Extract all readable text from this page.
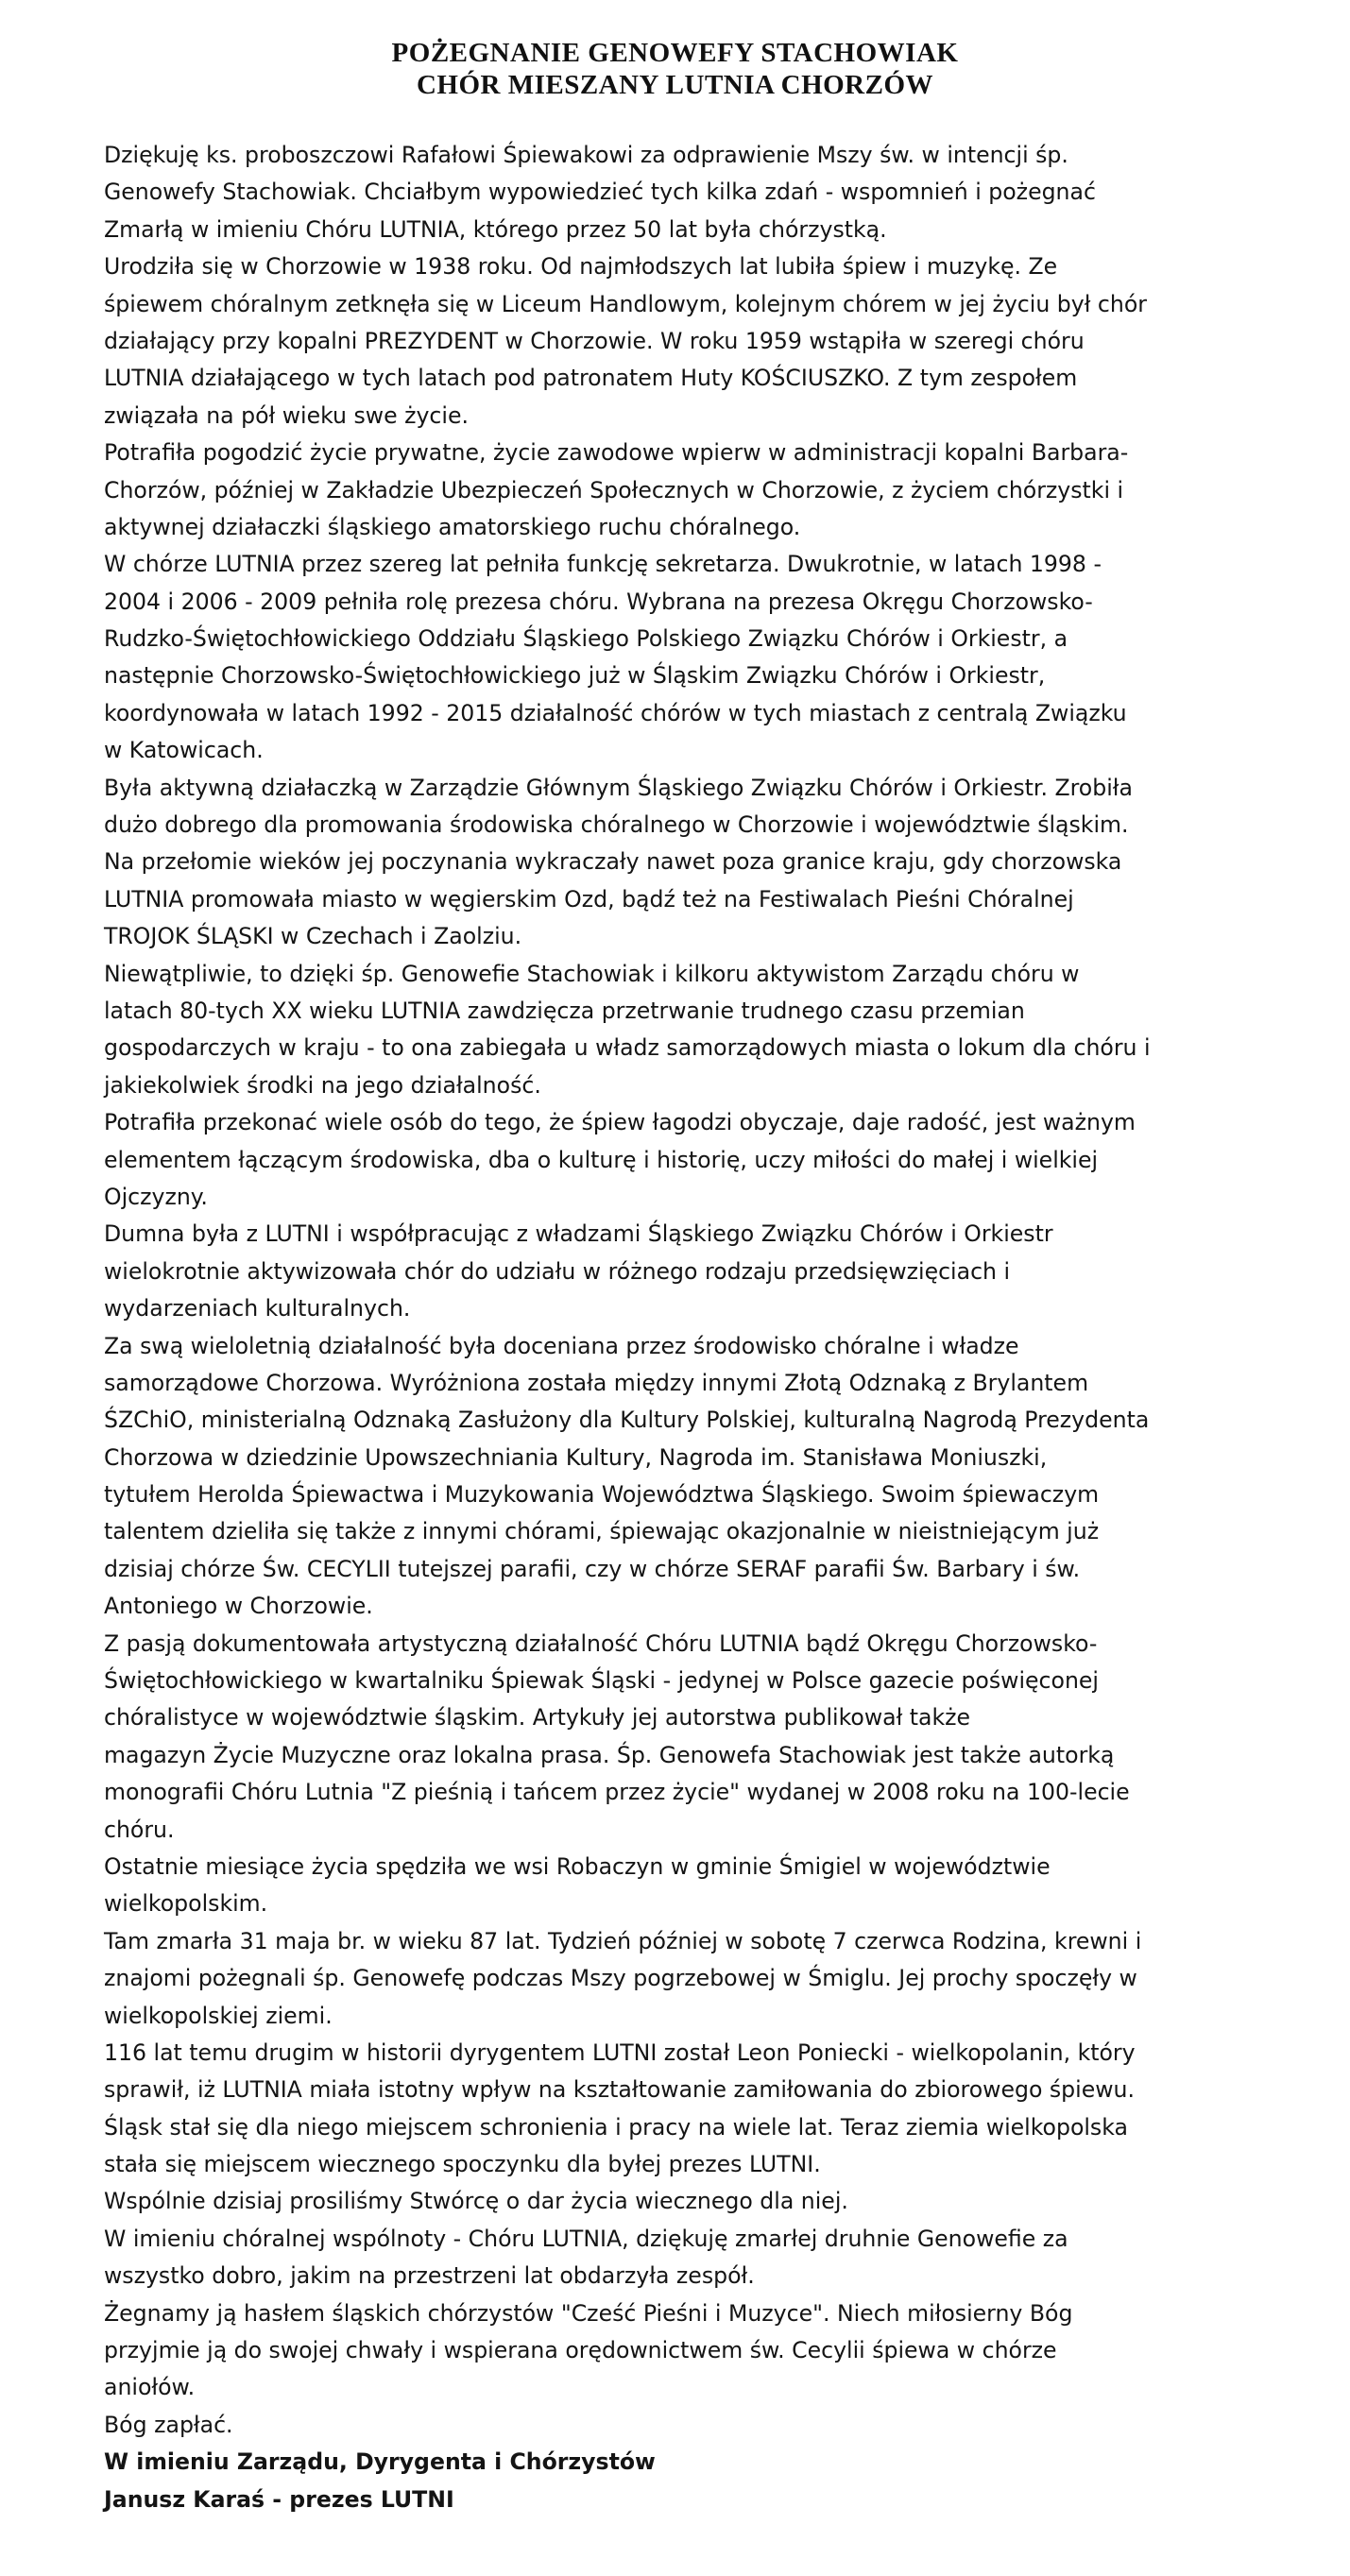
POŻEGNANIE GENOWEFY STACHOWIAK
CHÓR MIESZANY LUTNIA CHORZÓW
Dziękuję ks. proboszczowi Rafałowi Śpiewakowi za odprawienie Mszy św. w intencji śp.
Genowefy Stachowiak. Chciałbym wypowiedzieć tych kilka zdań - wspomnień i pożegnać
Zmarłą w imieniu Chóru LUTNIA, którego przez 50 lat była chórzystką.
Urodziła się w Chorzowie w 1938 roku. Od najmłodszych lat lubiła śpiew i muzykę. Ze
śpiewem chóralnym zetknęła się w Liceum Handlowym, kolejnym chórem w jej życiu był chór
działający przy kopalni PREZYDENT w Chorzowie. W roku 1959 wstąpiła w szeregi chóru
LUTNIA działającego w tych latach pod patronatem Huty KOŚCIUSZKO. Z tym zespołem
związała na pół wieku swe życie.
Potrafiła pogodzić życie prywatne, życie zawodowe wpierw w administracji kopalni Barbara-
Chorzów, później w Zakładzie Ubezpieczeń Społecznych w Chorzowie, z życiem chórzystki i
aktywnej działaczki śląskiego amatorskiego ruchu chóralnego.
W chórze LUTNIA przez szereg lat pełniła funkcję sekretarza. Dwukrotnie, w latach 1998 -
2004 i 2006 - 2009 pełniła rolę prezesa chóru. Wybrana na prezesa Okręgu Chorzowsko-
Rudzko-Świętochłowickiego Oddziału Śląskiego Polskiego Związku Chórów i Orkiestr, a
następnie Chorzowsko-Świętochłowickiego już w Śląskim Związku Chórów i Orkiestr,
koordynowała w latach 1992 - 2015 działalność chórów w tych miastach z centralą Związku
w Katowicach.
Była aktywną działaczką w Zarządzie Głównym Śląskiego Związku Chórów i Orkiestr. Zrobiła
dużo dobrego dla promowania środowiska chóralnego w Chorzowie i województwie śląskim.
Na przełomie wieków jej poczynania wykraczały nawet poza granice kraju, gdy chorzowska
LUTNIA promowała miasto w węgierskim Ozd, bądź też na Festiwalach Pieśni Chóralnej
TROJOK ŚLĄSKI w Czechach i Zaolziu.
Niewątpliwie, to dzięki śp. Genowefie Stachowiak i kilkoru aktywistom Zarządu chóru w
latach 80-tych XX wieku LUTNIA zawdzięcza przetrwanie trudnego czasu przemian
gospodarczych w kraju - to ona zabiegała u władz samorządowych miasta o lokum dla chóru i
jakiekolwiek środki na jego działalność.
Potrafiła przekonać wiele osób do tego, że śpiew łagodzi obyczaje, daje radość, jest ważnym
elementem łączącym środowiska, dba o kulturę i historię, uczy miłości do małej i wielkiej
Ojczyzny.
Dumna była z LUTNI i współpracując z władzami Śląskiego Związku Chórów i Orkiestr
wielokrotnie aktywizowała chór do udziału w różnego rodzaju przedsięwzięciach i
wydarzeniach kulturalnych.
Za swą wieloletnią działalność była doceniana przez środowisko chóralne i władze
samorządowe Chorzowa. Wyróżniona została między innymi Złotą Odznaką z Brylantem
ŚZChiO, ministerialną Odznaką Zasłużony dla Kultury Polskiej, kulturalną Nagrodą Prezydenta
Chorzowa w dziedzinie Upowszechniania Kultury, Nagroda im. Stanisława Moniuszki,
tytułem Herolda Śpiewactwa i Muzykowania Województwa Śląskiego. Swoim śpiewaczym
talentem dzieliła się także z innymi chórami, śpiewając okazjonalnie w nieistniejącym już
dzisiaj chórze Św. CECYLII tutejszej parafii, czy w chórze SERAF parafii Św. Barbary i św.
Antoniego w Chorzowie.
Z pasją dokumentowała artystyczną działalność Chóru LUTNIA bądź Okręgu Chorzowsko-
Świętochłowickiego w kwartalniku Śpiewak Śląski - jedynej w Polsce gazecie poświęconej
chóralistyce w województwie śląskim. Artykuły jej autorstwa publikował także
magazyn Życie Muzyczne oraz lokalna prasa. Śp. Genowefa Stachowiak jest także autorką
monografii Chóru Lutnia "Z pieśnią i tańcem przez życie" wydanej w 2008 roku na 100-lecie
chóru.
Ostatnie miesiące życia spędziła we wsi Robaczyn w gminie Śmigiel w województwie
wielkopolskim.
Tam zmarła 31 maja br. w wieku 87 lat. Tydzień później w sobotę 7 czerwca Rodzina, krewni i
znajomi pożegnali śp. Genowefę podczas Mszy pogrzebowej w Śmiglu. Jej prochy spoczęły w
wielkopolskiej ziemi.
116 lat temu drugim w historii dyrygentem LUTNI został Leon Poniecki - wielkopolanin, który
sprawił, iż LUTNIA miała istotny wpływ na kształtowanie zamiłowania do zbiorowego śpiewu.
Śląsk stał się dla niego miejscem schronienia i pracy na wiele lat. Teraz ziemia wielkopolska
stała się miejscem wiecznego spoczynku dla byłej prezes LUTNI.
Wspólnie dzisiaj prosiliśmy Stwórcę o dar życia wiecznego dla niej.
W imieniu chóralnej wspólnoty - Chóru LUTNIA, dziękuję zmarłej druhnie Genowefie za
wszystko dobro, jakim na przestrzeni lat obdarzyła zespół.
Żegnamy ją hasłem śląskich chórzystów "Cześć Pieśni i Muzyce". Niech miłosierny Bóg
przyjmie ją do swojej chwały i wspierana orędownictwem św. Cecylii śpiewa w chórze
aniołów.
Bóg zapłać.
W imieniu Zarządu, Dyrygenta i Chórzystów
Janusz Karaś - prezes LUTNI
